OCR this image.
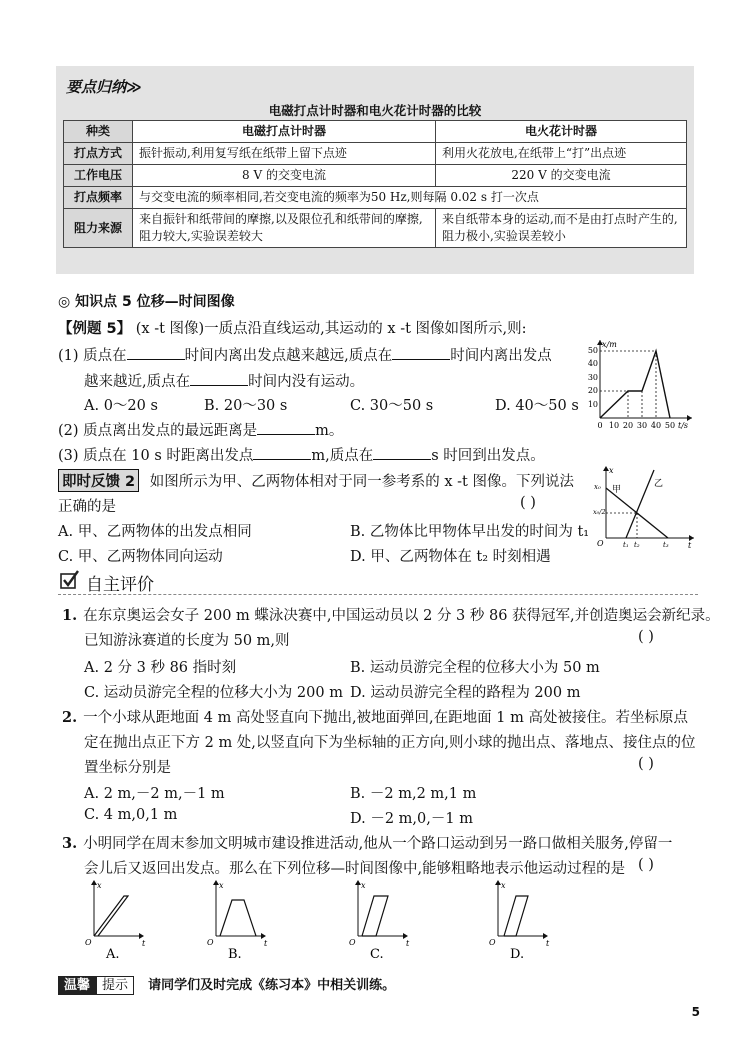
要点归纳≫
电磁打点计时器和电火花计时器的比较
种类	电磁打点计时器	电火花计时器
打点方式	振针振动,利用复写纸在纸带上留下点迹	利用火花放电,在纸带上“打”出点迹
工作电压	8 V 的交变电流	220 V 的交变电流
打点频率	与交变电流的频率相同,若交变电流的频率为50 Hz,则每隔 0.02 s 打一次点	
阻力来源	来自振针和纸带间的摩擦,以及限位孔和纸带间的摩擦,阻力较大,实验误差较大	来自纸带本身的运动,而不是由打点时产生的,阻力极小,实验误差较小
◎ 知识点 5 位移—时间图像
【例题 5】 (x -t 图像)一质点沿直线运动,其运动的 x -t 图像如图所示,则:
(1) 质点在	时间内离出发点越来越远,质点在	时间内离出发点
越来越近,质点在	时间内没有运动。
A. 0～20 s	B. 20～30 s	C. 30～50 s	D. 40～50 s
(2) 质点离出发点的最远距离是	m。
(3) 质点在 10 s 时距离出发点	m,质点在	s 时回到出发点。
x/m
t/s
10
20
30
40
50
0 10 20 30 40 50
即时反馈 2 如图所示为甲、乙两物体相对于同一参考系的 x -t 图像。下列说法
正确的是	( )
A. 甲、乙两物体的出发点相同	B. 乙物体比甲物体早出发的时间为 t₁
C. 甲、乙两物体同向运动	D. 甲、乙两物体在 t₂ 时刻相遇
x
x₀
x₀/2
甲
乙
O	t₁ t₂	t₃ t
自主评价
1. 在东京奥运会女子 200 m 蝶泳决赛中,中国运动员以 2 分 3 秒 86 获得冠军,并创造奥运会新纪录。
已知游泳赛道的长度为 50 m,则	( )
A. 2 分 3 秒 86 指时刻	B. 运动员游完全程的位移大小为 50 m
C. 运动员游完全程的位移大小为 200 m D. 运动员游完全程的路程为 200 m
2. 一个小球从距地面 4 m 高处竖直向下抛出,被地面弹回,在距地面 1 m 高处被接住。若坐标原点
定在抛出点正下方 2 m 处,以竖直向下为坐标轴的正方向,则小球的抛出点、落地点、接住点的位
置坐标分别是	( )
A. 2 m,－2 m,－1 m	B. －2 m,2 m,1 m
C. 4 m,0,1 m	D. －2 m,0,－1 m
3. 小明同学在周末参加文明城市建设推进活动,他从一个路口运动到另一路口做相关服务,停留一
会儿后又返回出发点。那么在下列位移—时间图像中,能够粗略地表示他运动过程的是 ( )
x
O	t
A.
x
O	t
B.
x
O	t
C.
x
O	t
D.
温馨 提示 请同学们及时完成《练习本》中相关训练。
5
